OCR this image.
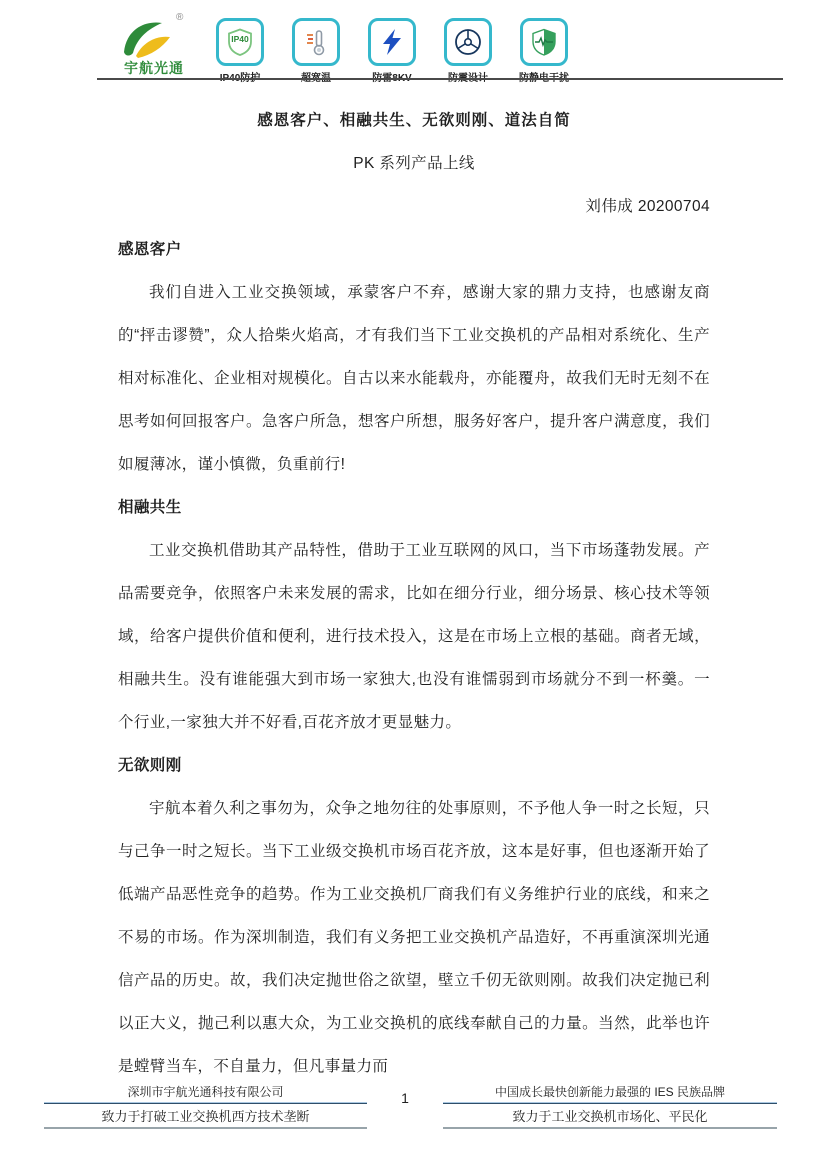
®
宇航光通
IP40
IP40防护	超宽温	防雷8KV	防震设计	防静电干扰
感恩客户、相融共生、无欲则刚、道法自简
PK 系列产品上线
刘伟成 20200704
感恩客户

我们自进入工业交换领域，承蒙客户不弃，感谢大家的鼎力支持，也感谢友商的“抨击谬赞”，众人拾柴火焰高，才有我们当下工业交换机的产品相对系统化、生产相对标准化、企业相对规模化。自古以来水能载舟，亦能覆舟，故我们无时无刻不在思考如何回报客户。急客户所急，想客户所想，服务好客户，提升客户满意度，我们如履薄冰，谨小慎微，负重前行!

相融共生

工业交换机借助其产品特性，借助于工业互联网的风口，当下市场蓬勃发展。产品需要竞争，依照客户未来发展的需求，比如在细分行业，细分场景、核心技术等领域，给客户提供价值和便利，进行技术投入，这是在市场上立根的基础。商者无域，相融共生。没有谁能强大到市场一家独大,也没有谁懦弱到市场就分不到一杯羹。一个行业,一家独大并不好看,百花齐放才更显魅力。

无欲则刚

宇航本着久利之事勿为，众争之地勿往的处事原则，不予他人争一时之长短，只与己争一时之短长。当下工业级交换机市场百花齐放，这本是好事，但也逐渐开始了低端产品恶性竞争的趋势。作为工业交换机厂商我们有义务维护行业的底线，和来之不易的市场。作为深圳制造，我们有义务把工业交换机产品造好，不再重演深圳光通信产品的历史。故，我们决定抛世俗之欲望，壁立千仞无欲则刚。故我们决定抛已利以正大义，抛己利以惠大众，为工业交换机的底线奉献自己的力量。当然，此举也许是螳臂当车，不自量力，但凡事量力而

深圳市宇航光通科技有限公司
致力于打破工业交换机西方技术垄断
1	中国成长最快创新能力最强的 IES 民族品牌
致力于工业交换机市场化、平民化
